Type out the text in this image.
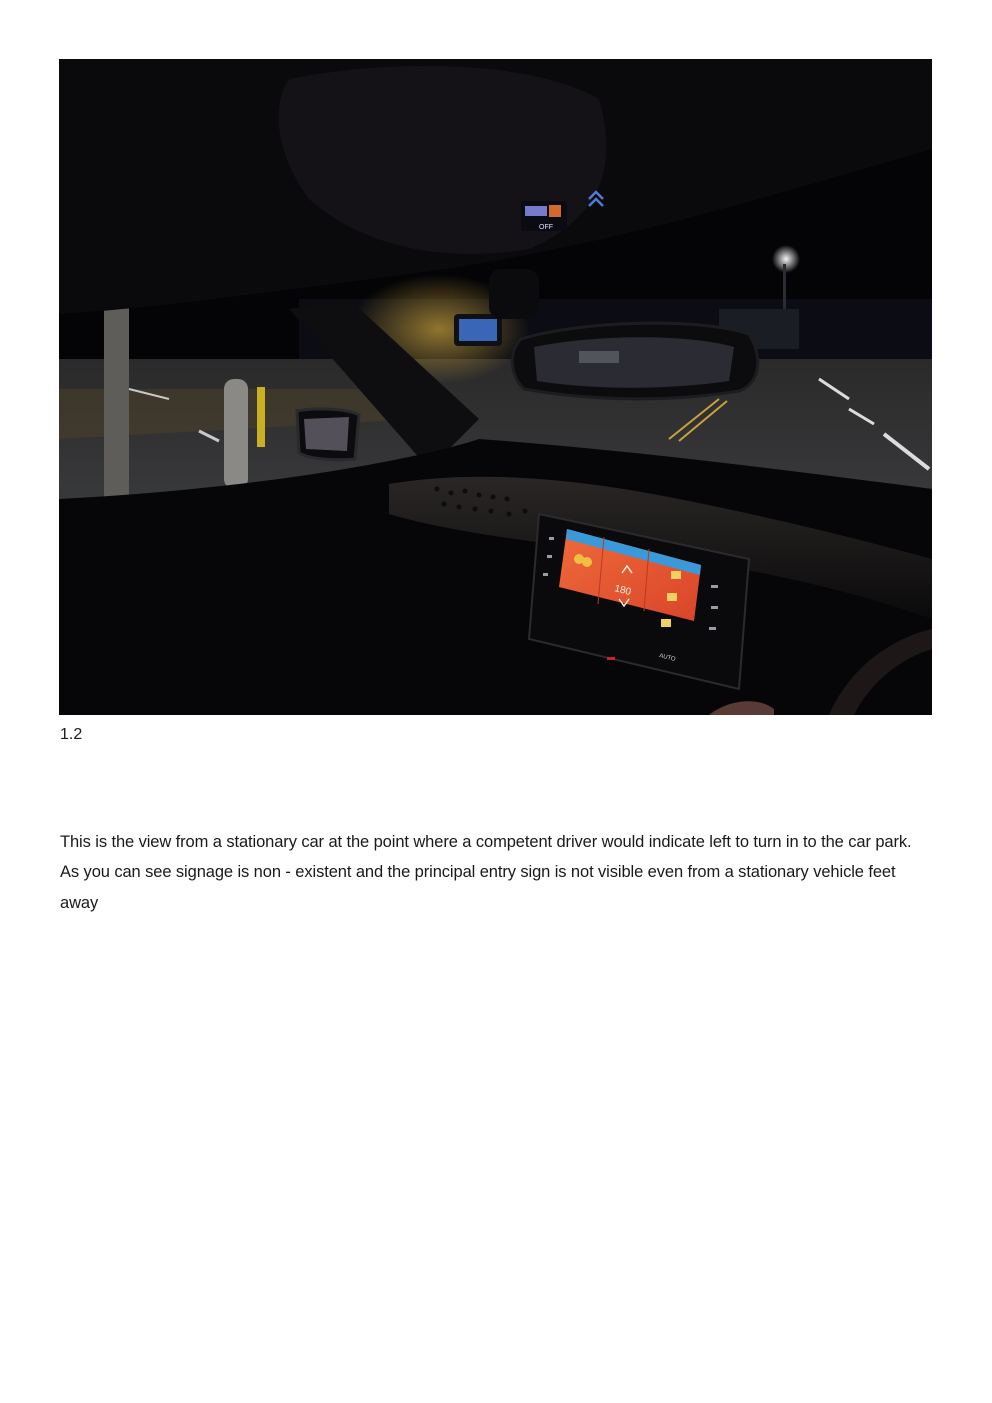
OFF
180
AUTO
1.2

This is the view from a stationary car at the point where a competent driver would indicate left to turn in to the car park. As you can see signage is non - existent and the principal entry sign is not visible even from a stationary vehicle feet away
